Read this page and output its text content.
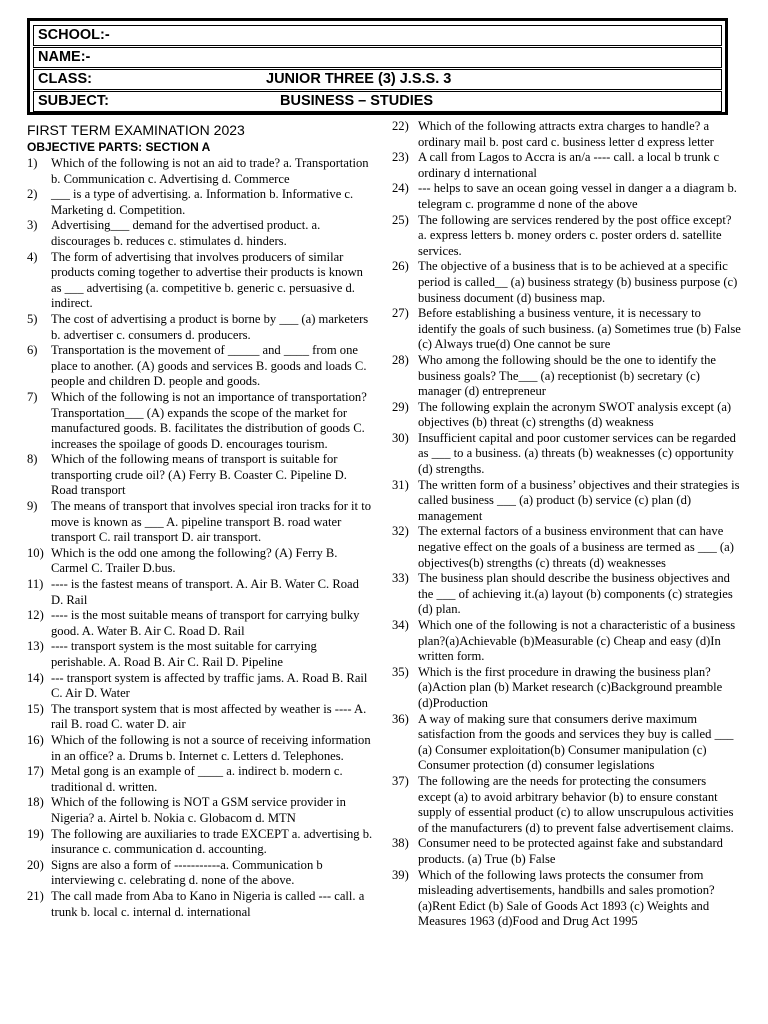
SCHOOL:-
NAME:-
CLASS:	JUNIOR THREE (3) J.S.S. 3
SUBJECT:	BUSINESS – STUDIES
FIRST TERM EXAMINATION 2023
OBJECTIVE PARTS: SECTION A
1) Which of the following is not an aid to trade? a. Transportation b. Communication c. Advertising d. Commerce
2) ___ is a type of advertising. a. Information b. Informative c. Marketing d. Competition.
3) Advertising___ demand for the advertised product. a. discourages b. reduces c. stimulates d. hinders.
4) The form of advertising that involves producers of similar products coming together to advertise their products is known as ___ advertising (a. competitive b. generic c. persuasive d. indirect.
5) The cost of advertising a product is borne by ___ (a) marketers b. advertiser c. consumers d. producers.
6) Transportation is the movement of _____ and ____ from one place to another. (A) goods and services B. goods and loads C. people and children D. people and goods.
7) Which of the following is not an importance of transportation? Transportation___ (A) expands the scope of the market for manufactured goods. B. facilitates the distribution of goods C. increases the spoilage of goods D. encourages tourism.
8) Which of the following means of transport is suitable for transporting crude oil? (A) Ferry B. Coaster C. Pipeline D. Road transport
9) The means of transport that involves special iron tracks for it to move is known as ___ A. pipeline transport B. road water transport C. rail transport D. air transport.
10) Which is the odd one among the following? (A) Ferry B. Carmel C. Trailer D.bus.
11) ---- is the fastest means of transport. A. Air B. Water C. Road D. Rail
12) ---- is the most suitable means of transport for carrying bulky good. A. Water B. Air C. Road D. Rail
13) ---- transport system is the most suitable for carrying perishable. A. Road B. Air C. Rail D. Pipeline
14) --- transport system is affected by traffic jams. A. Road B. Rail C. Air D. Water
15) The transport system that is most affected by weather is ---- A. rail B. road C. water D. air
16) Which of the following is not a source of receiving information in an office? a. Drums b. Internet c. Letters d. Telephones.
17) Metal gong is an example of ____ a. indirect b. modern c. traditional d. written.
18) Which of the following is NOT a GSM service provider in Nigeria? a. Airtel b. Nokia c. Globacom d. MTN
19) The following are auxiliaries to trade EXCEPT a. advertising b. insurance c. communication d. accounting.
20) Signs are also a form of -----------a. Communication b interviewing c. celebrating d. none of the above.
21) The call made from Aba to Kano in Nigeria is called --- call. a trunk b. local c. internal d. international
22) Which of the following attracts extra charges to handle? a ordinary mail b. post card c. business letter d express letter
23) A call from Lagos to Accra is an/a ---- call. a local b trunk c ordinary d international
24) --- helps to save an ocean going vessel in danger a a diagram b. telegram c. programme d none of the above
25) The following are services rendered by the post office except? a. express letters b. money orders c. poster orders d. satellite services.
26) The objective of a business that is to be achieved at a specific period is called__ (a) business strategy (b) business purpose (c) business document (d) business map.
27) Before establishing a business venture, it is necessary to identify the goals of such business. (a) Sometimes true (b) False (c) Always true(d) One cannot be sure
28) Who among the following should be the one to identify the business goals? The___ (a) receptionist (b) secretary (c) manager (d) entrepreneur
29) The following explain the acronym SWOT analysis except (a) objectives (b) threat (c) strengths (d) weakness
30) Insufficient capital and poor customer services can be regarded as ___ to a business. (a) threats (b) weaknesses (c) opportunity (d) strengths.
31) The written form of a business’ objectives and their strategies is called business ___ (a) product (b) service (c) plan (d) management
32) The external factors of a business environment that can have negative effect on the goals of a business are termed as ___ (a) objectives(b) strengths (c) threats (d) weaknesses
33) The business plan should describe the business objectives and the ___ of achieving it.(a) layout (b) components (c) strategies (d) plan.
34) Which one of the following is not a characteristic of a business plan?(a)Achievable (b)Measurable (c) Cheap and easy (d)In written form.
35) Which is the first procedure in drawing the business plan? (a)Action plan (b) Market research (c)Background preamble (d)Production
36) A way of making sure that consumers derive maximum satisfaction from the goods and services they buy is called ___ (a) Consumer exploitation(b) Consumer manipulation (c) Consumer protection (d) consumer legislations
37) The following are the needs for protecting the consumers except (a) to avoid arbitrary behavior (b) to ensure constant supply of essential product (c) to allow unscrupulous activities of the manufacturers (d) to prevent false advertisement claims.
38) Consumer need to be protected against fake and substandard products. (a) True (b) False
39) Which of the following laws protects the consumer from misleading advertisements, handbills and sales promotion? (a)Rent Edict (b) Sale of Goods Act 1893 (c) Weights and Measures 1963 (d)Food and Drug Act 1995
